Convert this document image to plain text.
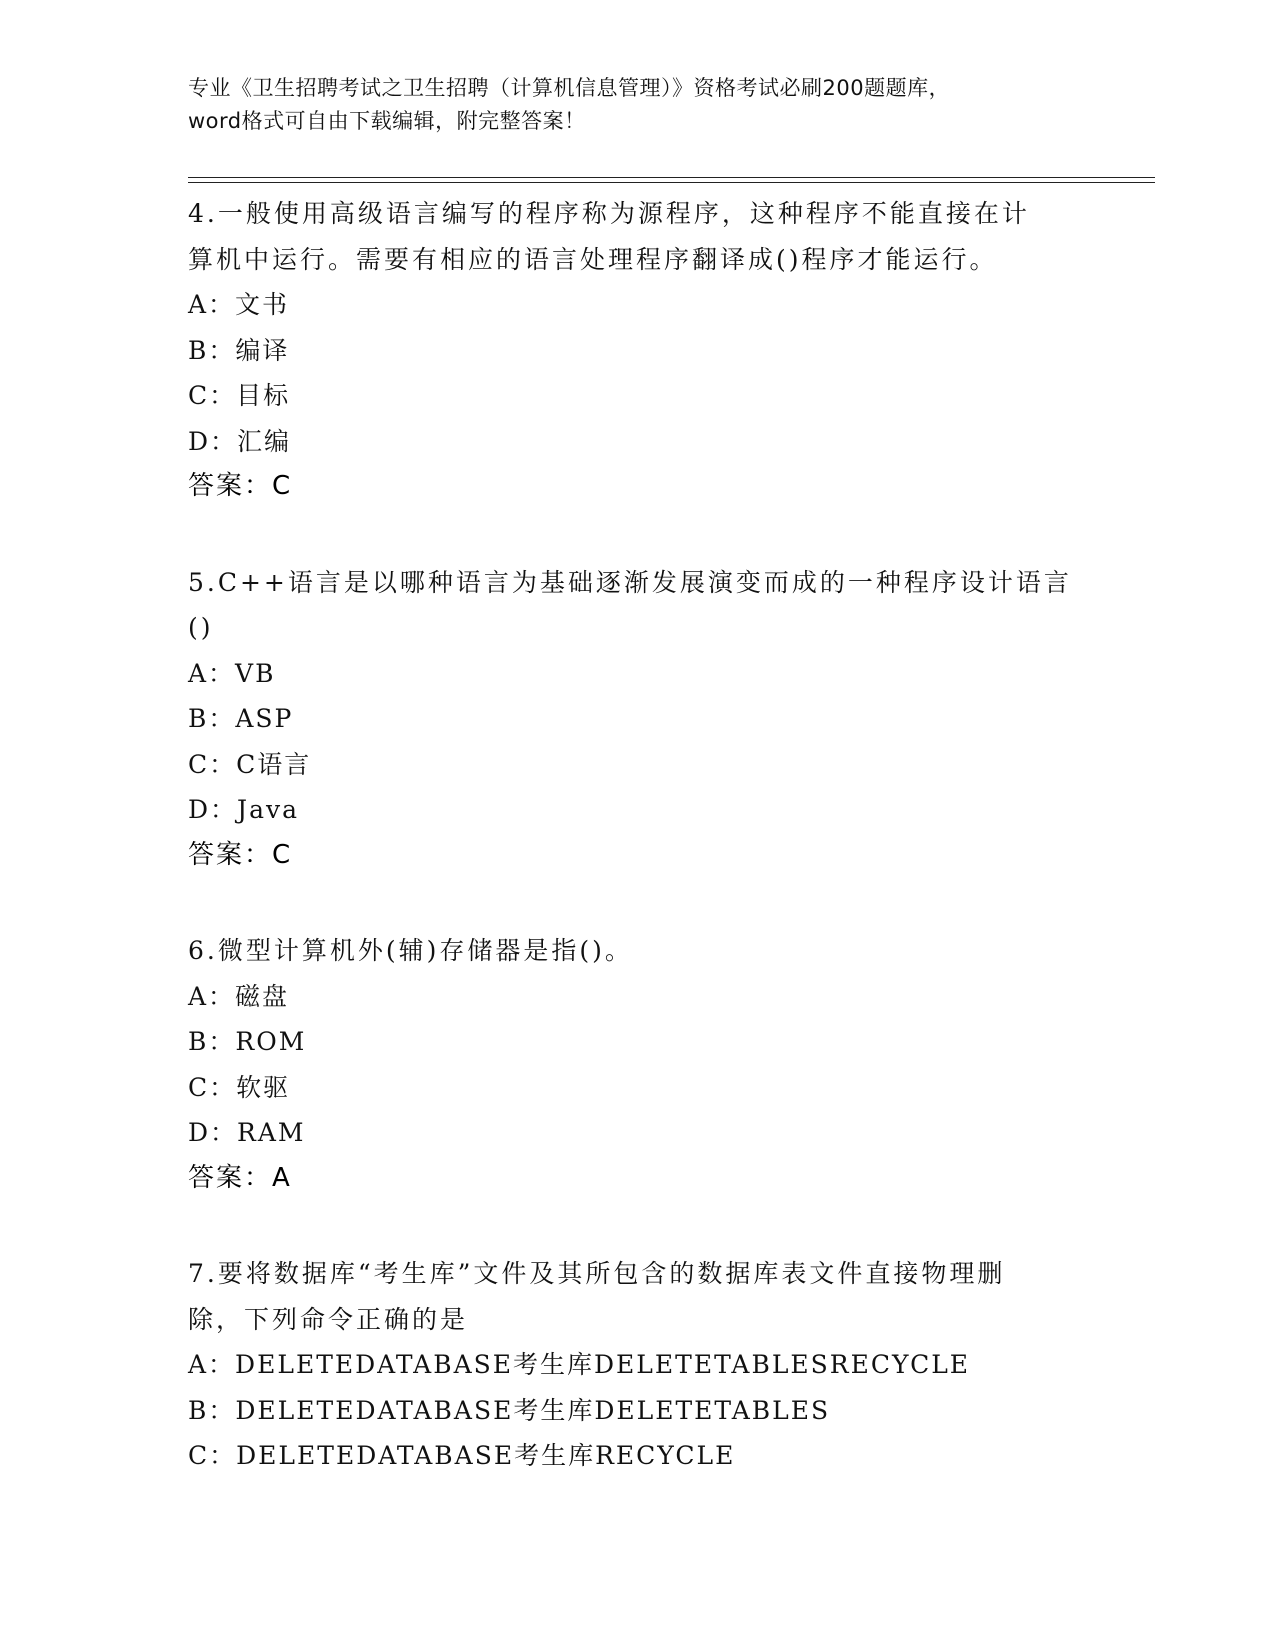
专业《卫生招聘考试之卫生招聘（计算机信息管理）》资格考试必刷200题题库，
word格式可自由下载编辑，附完整答案！
4.一般使用高级语言编写的程序称为源程序，这种程序不能直接在计
算机中运行。需要有相应的语言处理程序翻译成()程序才能运行。
A：文书
B：编译
C：目标
D：汇编
答案：C
5.C++语言是以哪种语言为基础逐渐发展演变而成的一种程序设计语言
()
A：VB
B：ASP
C：C语言
D：Java
答案：C
6.微型计算机外(辅)存储器是指()。
A：磁盘
B：ROM
C：软驱
D：RAM
答案：A
7.要将数据库“考生库”文件及其所包含的数据库表文件直接物理删
除，下列命令正确的是
A：DELETEDATABASE考生库DELETETABLESRECYCLE
B：DELETEDATABASE考生库DELETETABLES
C：DELETEDATABASE考生库RECYCLE
